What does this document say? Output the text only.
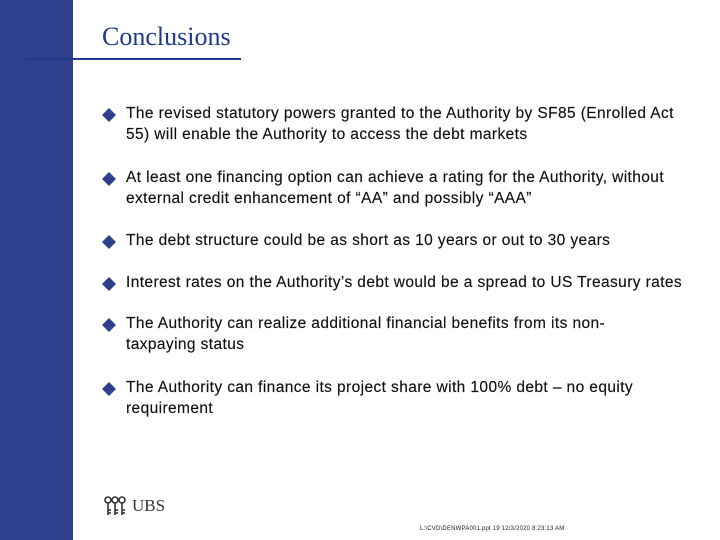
Conclusions
The revised statutory powers granted to the Authority by SF85 (Enrolled Act
55) will enable the Authority to access the debt markets
At least one financing option can achieve a rating for the Authority, without
external credit enhancement of “AA” and possibly “AAA”
The debt structure could be as short as 10 years or out to 30 years
Interest rates on the Authority’s debt would be a spread to US Treasury rates
The Authority can realize additional financial benefits from its non-
taxpaying status
The Authority can finance its project share with 100% debt – no equity
requirement
UBS
L:\CVD\DENWPA001.ppt 19 12/3/2020 8:23:13 AM
